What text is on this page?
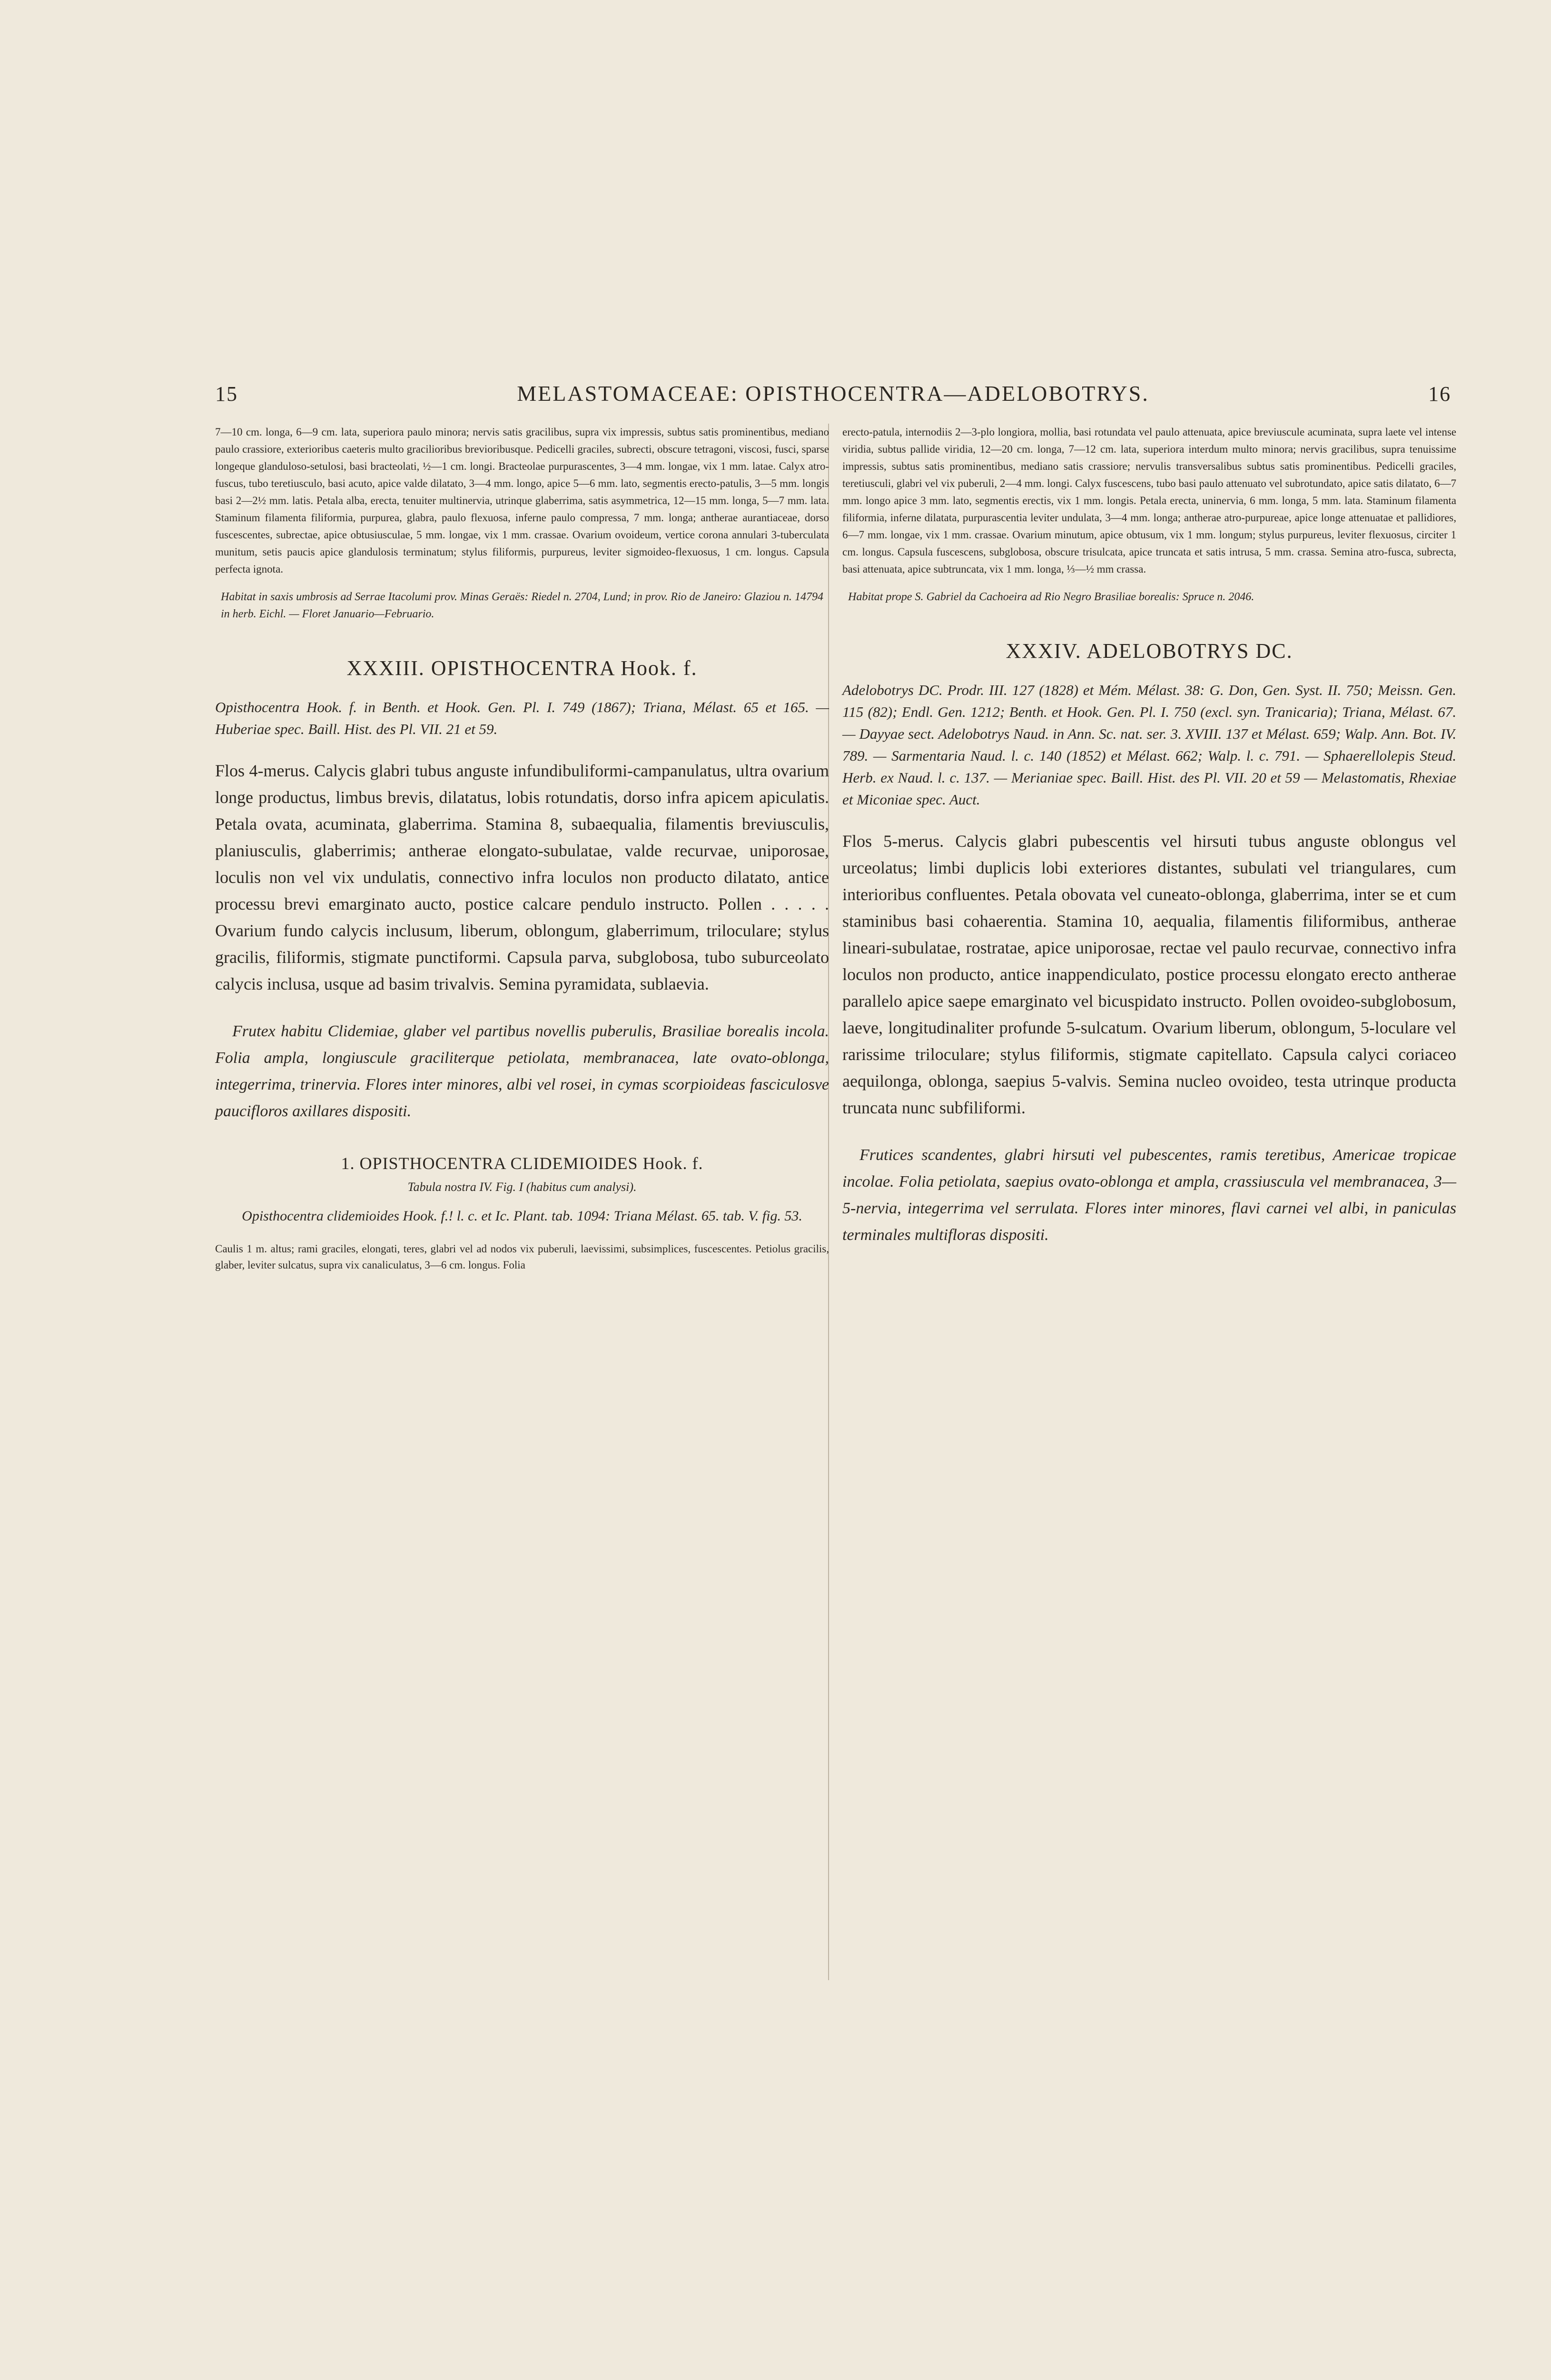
15	MELASTOMACEAE: OPISTHOCENTRA—ADELOBOTRYS.	16

7—10 cm. longa, 6—9 cm. lata, superiora paulo minora; nervis satis gracilibus, supra vix impressis, subtus satis prominentibus, mediano paulo crassiore, exterioribus caeteris multo gracilioribus brevioribusque. Pedicelli graciles, subrecti, obscure tetragoni, viscosi, fusci, sparse longeque glanduloso-setulosi, basi bracteolati, ½—1 cm. longi. Bracteolae purpurascentes, 3—4 mm. longae, vix 1 mm. latae. Calyx atro-fuscus, tubo teretiusculo, basi acuto, apice valde dilatato, 3—4 mm. longo, apice 5—6 mm. lato, segmentis erecto-patulis, 3—5 mm. longis basi 2—2½ mm. latis. Petala alba, erecta, tenuiter multinervia, utrinque glaberrima, satis asymmetrica, 12—15 mm. longa, 5—7 mm. lata. Staminum filamenta filiformia, purpurea, glabra, paulo flexuosa, inferne paulo compressa, 7 mm. longa; antherae aurantiaceae, dorso fuscescentes, subrectae, apice obtusiusculae, 5 mm. longae, vix 1 mm. crassae. Ovarium ovoideum, vertice corona annulari 3-tuberculata munitum, setis paucis apice glandulosis terminatum; stylus filiformis, purpureus, leviter sigmoideo-flexuosus, 1 cm. longus. Capsula perfecta ignota.

Habitat in saxis umbrosis ad Serrae Itacolumi prov. Minas Geraës: Riedel n. 2704, Lund; in prov. Rio de Janeiro: Glaziou n. 14794 in herb. Eichl. — Floret Januario—Februario.

XXXIII. OPISTHOCENTRA Hook. f.

Opisthocentra Hook. f. in Benth. et Hook. Gen. Pl. I. 749 (1867); Triana, Mélast. 65 et 165. — Huberiae spec. Baill. Hist. des Pl. VII. 21 et 59.

Flos 4-merus. Calycis glabri tubus anguste infundibuliformi-campanulatus, ultra ovarium longe productus, limbus brevis, dilatatus, lobis rotundatis, dorso infra apicem apiculatis. Petala ovata, acuminata, glaberrima. Stamina 8, subaequalia, filamentis breviusculis, planiusculis, glaberrimis; antherae elongato-subulatae, valde recurvae, uniporosae, loculis non vel vix undulatis, connectivo infra loculos non producto dilatato, antice processu brevi emarginato aucto, postice calcare pendulo instructo. Pollen . . . . . Ovarium fundo calycis inclusum, liberum, oblongum, glaberrimum, triloculare; stylus gracilis, filiformis, stigmate punctiformi. Capsula parva, subglobosa, tubo suburceolato calycis inclusa, usque ad basim trivalvis. Semina pyramidata, sublaevia.

Frutex habitu Clidemiae, glaber vel partibus novellis puberulis, Brasiliae borealis incola. Folia ampla, longiuscule graciliterque petiolata, membranacea, late ovato-oblonga, integerrima, trinervia. Flores inter minores, albi vel rosei, in cymas scorpioideas fasciculosve paucifloros axillares dispositi.

1. OPISTHOCENTRA CLIDEMIOIDES Hook. f.
Tabula nostra IV. Fig. I (habitus cum analysi).

Opisthocentra clidemioides Hook. f.! l. c. et Ic. Plant. tab. 1094: Triana Mélast. 65. tab. V. fig. 53.

Caulis 1 m. altus; rami graciles, elongati, teres, glabri vel ad nodos vix puberuli, laevissimi, subsimplices, fuscescentes. Petiolus gracilis, glaber, leviter sulcatus, supra vix canaliculatus, 3—6 cm. longus. Folia

erecto-patula, internodiis 2—3-plo longiora, mollia, basi rotundata vel paulo attenuata, apice breviuscule acuminata, supra laete vel intense viridia, subtus pallide viridia, 12—20 cm. longa, 7—12 cm. lata, superiora interdum multo minora; nervis gracilibus, supra tenuissime impressis, subtus satis prominentibus, mediano satis crassiore; nervulis transversalibus subtus satis prominentibus. Pedicelli graciles, teretiusculi, glabri vel vix puberuli, 2—4 mm. longi. Calyx fuscescens, tubo basi paulo attenuato vel subrotundato, apice satis dilatato, 6—7 mm. longo apice 3 mm. lato, segmentis erectis, vix 1 mm. longis. Petala erecta, uninervia, 6 mm. longa, 5 mm. lata. Staminum filamenta filiformia, inferne dilatata, purpurascentia leviter undulata, 3—4 mm. longa; antherae atro-purpureae, apice longe attenuatae et pallidiores, 6—7 mm. longae, vix 1 mm. crassae. Ovarium minutum, apice obtusum, vix 1 mm. longum; stylus purpureus, leviter flexuosus, circiter 1 cm. longus. Capsula fuscescens, subglobosa, obscure trisulcata, apice truncata et satis intrusa, 5 mm. crassa. Semina atro-fusca, subrecta, basi attenuata, apice subtruncata, vix 1 mm. longa, ⅓—½ mm crassa.

Habitat prope S. Gabriel da Cachoeira ad Rio Negro Brasiliae borealis: Spruce n. 2046.

XXXIV. ADELOBOTRYS DC.

Adelobotrys DC. Prodr. III. 127 (1828) et Mém. Mélast. 38: G. Don, Gen. Syst. II. 750; Meissn. Gen. 115 (82); Endl. Gen. 1212; Benth. et Hook. Gen. Pl. I. 750 (excl. syn. Tranicaria); Triana, Mélast. 67. — Dayyae sect. Adelobotrys Naud. in Ann. Sc. nat. ser. 3. XVIII. 137 et Mélast. 659; Walp. Ann. Bot. IV. 789. — Sarmentaria Naud. l. c. 140 (1852) et Mélast. 662; Walp. l. c. 791. — Sphaerellolepis Steud. Herb. ex Naud. l. c. 137. — Merianiae spec. Baill. Hist. des Pl. VII. 20 et 59 — Melastomatis, Rhexiae et Miconiae spec. Auct.

Flos 5-merus. Calycis glabri pubescentis vel hirsuti tubus anguste oblongus vel urceolatus; limbi duplicis lobi exteriores distantes, subulati vel triangulares, cum interioribus confluentes. Petala obovata vel cuneato-oblonga, glaberrima, inter se et cum staminibus basi cohaerentia. Stamina 10, aequalia, filamentis filiformibus, antherae lineari-subulatae, rostratae, apice uniporosae, rectae vel paulo recurvae, connectivo infra loculos non producto, antice inappendiculato, postice processu elongato erecto antherae parallelo apice saepe emarginato vel bicuspidato instructo. Pollen ovoideo-subglobosum, laeve, longitudinaliter profunde 5-sulcatum. Ovarium liberum, oblongum, 5-loculare vel rarissime triloculare; stylus filiformis, stigmate capitellato. Capsula calyci coriaceo aequilonga, oblonga, saepius 5-valvis. Semina nucleo ovoideo, testa utrinque producta truncata nunc subfiliformi.

Frutices scandentes, glabri hirsuti vel pubescentes, ramis teretibus, Americae tropicae incolae. Folia petiolata, saepius ovato-oblonga et ampla, crassiuscula vel membranacea, 3—5-nervia, integerrima vel serrulata. Flores inter minores, flavi carnei vel albi, in paniculas terminales multifloras dispositi.
